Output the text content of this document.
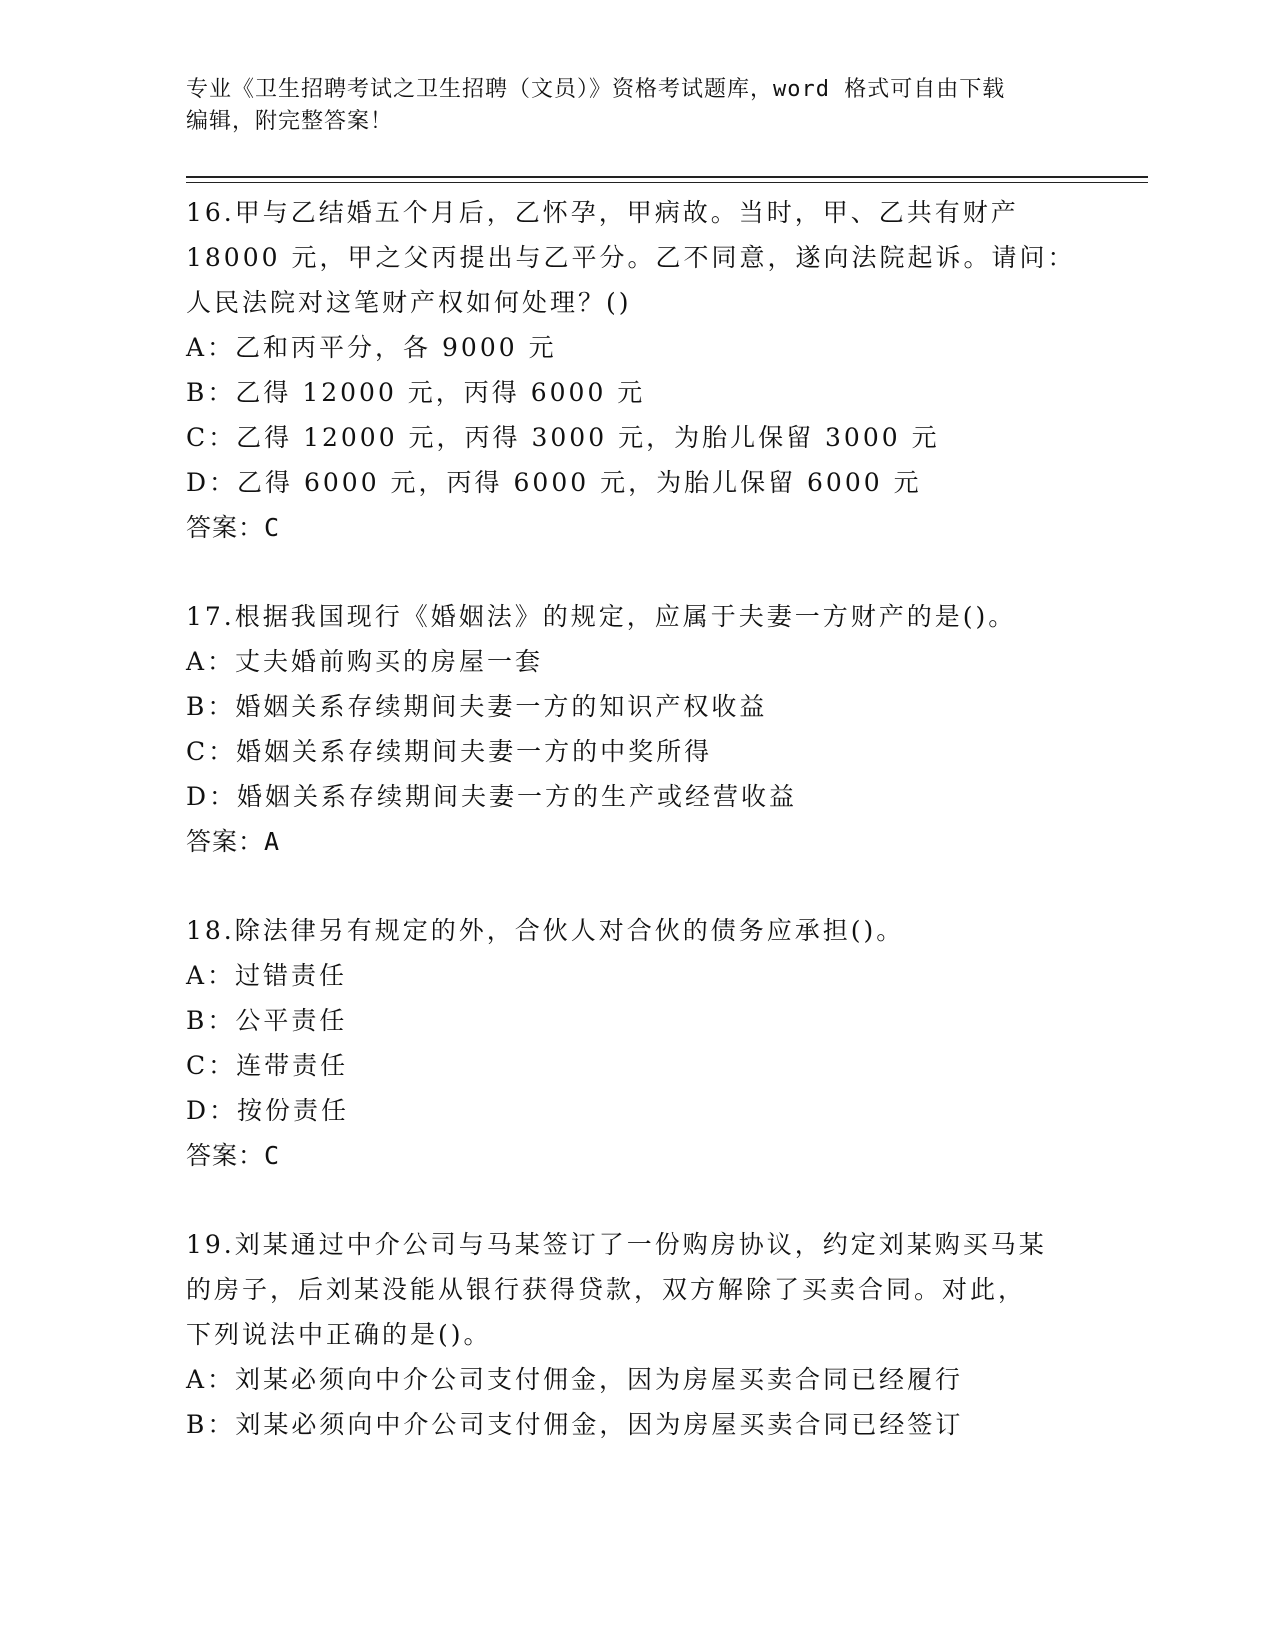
专业《卫生招聘考试之卫生招聘（文员）》资格考试题库，word 格式可自由下载
编辑，附完整答案！
16.甲与乙结婚五个月后，乙怀孕，甲病故。当时，甲、乙共有财产
18000 元，甲之父丙提出与乙平分。乙不同意，遂向法院起诉。请问：
人民法院对这笔财产权如何处理？()
A：乙和丙平分，各 9000 元
B：乙得 12000 元，丙得 6000 元
C：乙得 12000 元，丙得 3000 元，为胎儿保留 3000 元
D：乙得 6000 元，丙得 6000 元，为胎儿保留 6000 元
答案：C
17.根据我国现行《婚姻法》的规定，应属于夫妻一方财产的是()。
A：丈夫婚前购买的房屋一套
B：婚姻关系存续期间夫妻一方的知识产权收益
C：婚姻关系存续期间夫妻一方的中奖所得
D：婚姻关系存续期间夫妻一方的生产或经营收益
答案：A
18.除法律另有规定的外，合伙人对合伙的债务应承担()。
A：过错责任
B：公平责任
C：连带责任
D：按份责任
答案：C
19.刘某通过中介公司与马某签订了一份购房协议，约定刘某购买马某
的房子，后刘某没能从银行获得贷款，双方解除了买卖合同。对此，
下列说法中正确的是()。
A：刘某必须向中介公司支付佣金，因为房屋买卖合同已经履行
B：刘某必须向中介公司支付佣金，因为房屋买卖合同已经签订
